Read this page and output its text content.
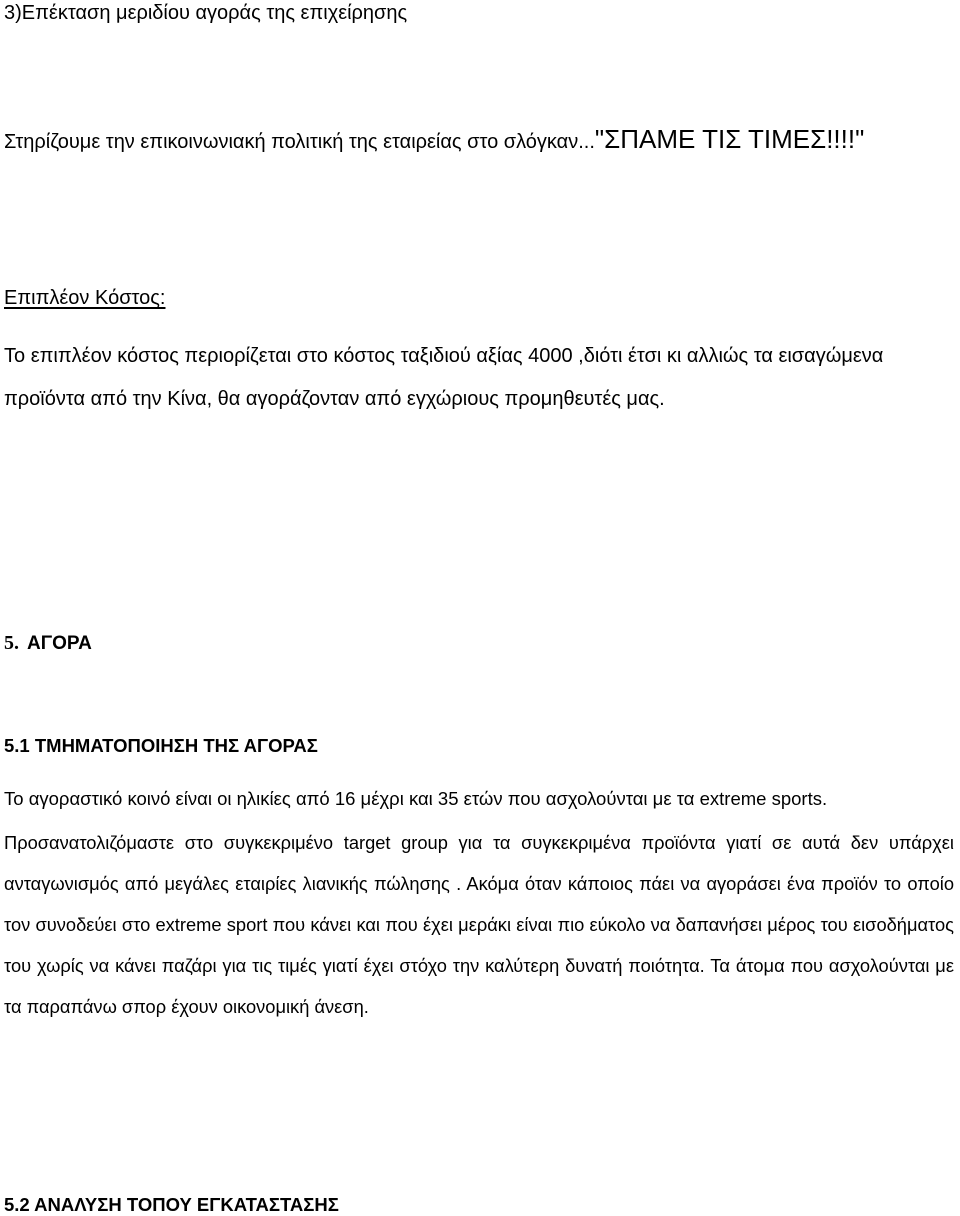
3)Επέκταση μεριδίου αγοράς της επιχείρησης

Στηρίζουμε την επικοινωνιακή πολιτική της εταιρείας στο σλόγκαν..."ΣΠΑΜΕ ΤΙΣ ΤΙΜΕΣ!!!!"

Επιπλέον Κόστος:

Το επιπλέον κόστος περιορίζεται στο κόστος ταξιδιού αξίας 4000 ,διότι έτσι κι αλλιώς τα εισαγώμενα

προϊόντα από την Κίνα, θα αγοράζονταν από εγχώριους προμηθευτές μας.

5. ΑΓΟΡΑ

5.1 ΤΜΗΜΑΤΟΠΟΙΗΣΗ ΤΗΣ ΑΓΟΡΑΣ

Το αγοραστικό κοινό είναι οι ηλικίες από 16 μέχρι και 35 ετών που ασχολούνται με τα extreme sports.

Προσανατολιζόμαστε στο συγκεκριμένο target group για τα συγκεκριμένα προϊόντα γιατί σε αυτά δεν υπάρχει ανταγωνισμός από μεγάλες εταιρίες λιανικής πώλησης . Ακόμα όταν κάποιος πάει να αγοράσει ένα προϊόν το οποίο τον συνοδεύει στο extreme sport που κάνει και που έχει μεράκι είναι πιο εύκολο να δαπανήσει μέρος του εισοδήματος του χωρίς να κάνει παζάρι για τις τιμές γιατί έχει στόχο την καλύτερη δυνατή ποιότητα. Τα άτομα που ασχολούνται με τα παραπάνω σπορ έχουν οικονομική άνεση.

5.2 ΑΝΑΛΥΣΗ ΤΟΠΟΥ ΕΓΚΑΤΑΣΤΑΣΗΣ
